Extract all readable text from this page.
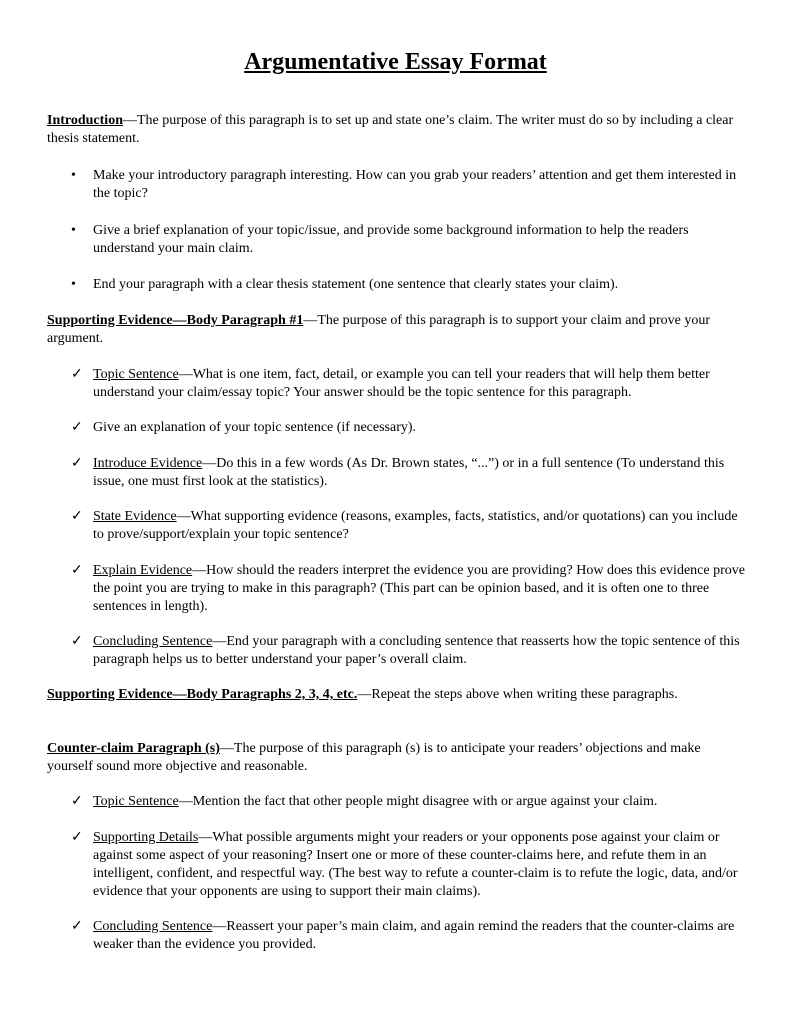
Argumentative Essay Format

Introduction—The purpose of this paragraph is to set up and state one’s claim. The writer must do so by including a clear thesis statement.

•	Make your introductory paragraph interesting. How can you grab your readers’ attention and get them interested in the topic?

•	Give a brief explanation of your topic/issue, and provide some background information to help the readers understand your main claim.

•	End your paragraph with a clear thesis statement (one sentence that clearly states your claim).

Supporting Evidence—Body Paragraph #1—The purpose of this paragraph is to support your claim and prove your argument.

✓ Topic Sentence—What is one item, fact, detail, or example you can tell your readers that will help them better understand your claim/essay topic? Your answer should be the topic sentence for this paragraph.

✓ Give an explanation of your topic sentence (if necessary).

✓ Introduce Evidence—Do this in a few words (As Dr. Brown states, “...”) or in a full sentence (To understand this issue, one must first look at the statistics).

✓ State Evidence—What supporting evidence (reasons, examples, facts, statistics, and/or quotations) can you include to prove/support/explain your topic sentence?

✓ Explain Evidence—How should the readers interpret the evidence you are providing? How does this evidence prove the point you are trying to make in this paragraph? (This part can be opinion based, and it is often one to three sentences in length).

✓ Concluding Sentence—End your paragraph with a concluding sentence that reasserts how the topic sentence of this paragraph helps us to better understand your paper’s overall claim.

Supporting Evidence—Body Paragraphs 2, 3, 4, etc.—Repeat the steps above when writing these paragraphs.

Counter-claim Paragraph (s)—The purpose of this paragraph (s) is to anticipate your readers’ objections and make yourself sound more objective and reasonable.

✓ Topic Sentence—Mention the fact that other people might disagree with or argue against your claim.

✓ Supporting Details—What possible arguments might your readers or your opponents pose against your claim or against some aspect of your reasoning? Insert one or more of these counter-claims here, and refute them in an intelligent, confident, and respectful way. (The best way to refute a counter-claim is to refute the logic, data, and/or evidence that your opponents are using to support their main claims).

✓ Concluding Sentence—Reassert your paper’s main claim, and again remind the readers that the counter-claims are weaker than the evidence you provided.
